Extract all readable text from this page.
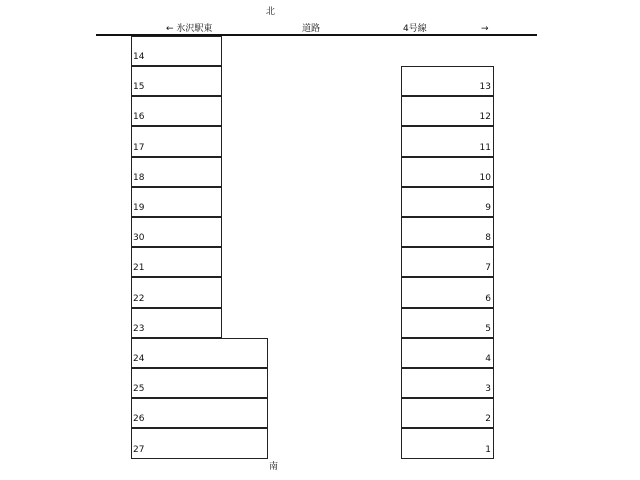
北
← 氷沢駅東	道路	4号線	→
14
15
16
17
18
19
30
21
22
23
24
25
26
27
13
12
11
10
9
8
7
6
5
4
3
2
1
南
